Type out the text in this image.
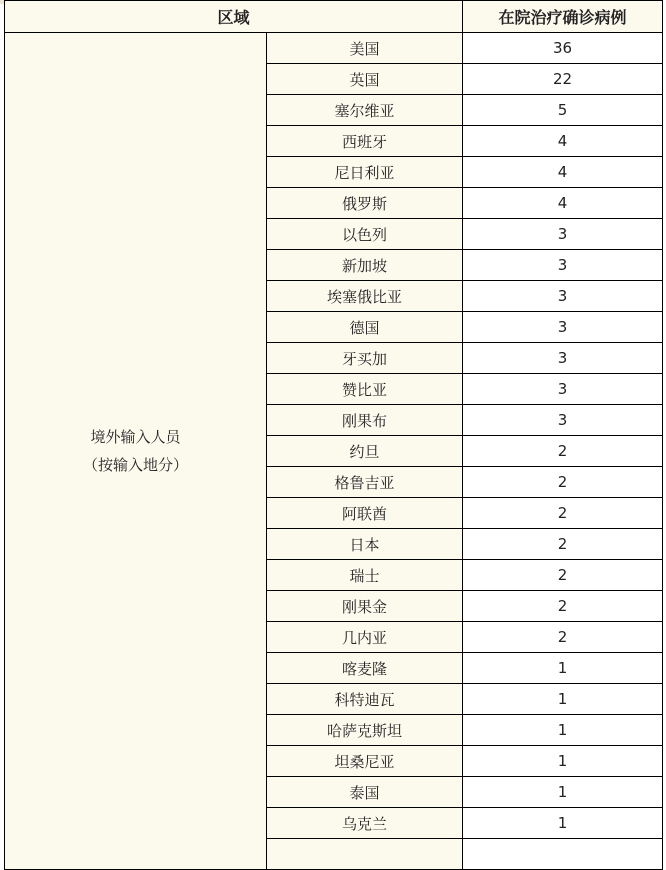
区域		在院治疗确诊病例

境外输入人员
（按输入地分）	美国	36
	英国	22
	塞尔维亚	5
	西班牙	4
	尼日利亚	4
	俄罗斯	4
	以色列	3
	新加坡	3
	埃塞俄比亚	3
	德国	3
	牙买加	3
	赞比亚	3
	刚果布	3
	约旦	2
	格鲁吉亚	2
	阿联酋	2
	日本	2
	瑞士	2
	刚果金	2
	几内亚	2
	喀麦隆	1
	科特迪瓦	1
	哈萨克斯坦	1
	坦桑尼亚	1
	泰国	1
	乌克兰	1
